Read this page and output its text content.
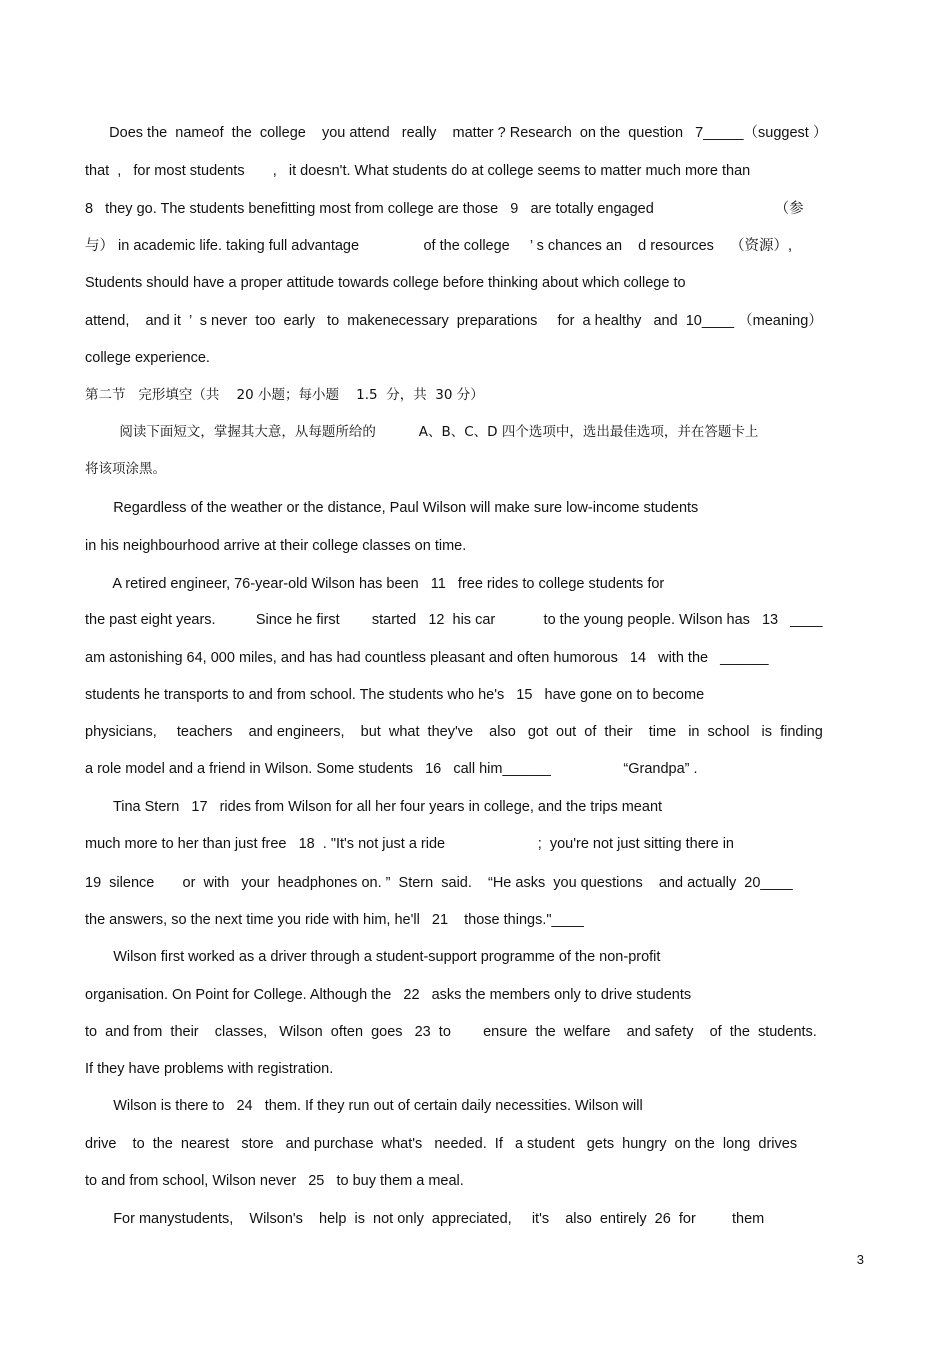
Does the  nameof  the  college    you attend   really    matter ? Research  on the  question   7_____（suggest ）
that  ,   for most students       ,   it doesn't. What students do at college seems to matter much more than
8   they go. The students benefitting most from college are those   9   are totally engaged                              （参
与） in academic life. taking full advantage                of the college     ’ s chances an    d resources    （资源）,
Students should have a proper attitude towards college before thinking about which college to
attend,    and it  ’  s never  too  early   to  makenecessary  preparations     for  a healthy   and  10____ （meaning）
college experience.
第二节   完形填空（共    20 小题；每小题    1.5  分，共  30 分）
阅读下面短文，掌握其大意，从每题所给的          A、B、C、D 四个选项中，选出最佳选项，并在答题卡上
将该项涂黑。
Regardless of the weather or the distance, Paul Wilson will make sure low-income students
in his neighbourhood arrive at their college classes on time.
A retired engineer, 76-year-old Wilson has been   11   free rides to college students for
the past eight years.          Since he first        started   12  his car            to the young people. Wilson has   13   ____
am astonishing 64, 000 miles, and has had countless pleasant and often humorous   14   with the   ______
students he transports to and from school. The students who he's   15   have gone on to become
physicians,     teachers    and engineers,    but  what  they've    also   got  out  of  their    time   in  school   is  finding
a role model and a friend in Wilson. Some students   16   call him______                  “Grandpa” .
Tina Stern   17   rides from Wilson for all her four years in college, and the trips meant
much more to her than just free   18  . "It's not just a ride                       ;  you're not just sitting there in
19  silence       or  with   your  headphones on. ”  Stern  said.    “He asks  you questions    and actually  20____
the answers, so the next time you ride with him, he'll   21    those things."____
Wilson first worked as a driver through a student-support programme of the non-profit
organisation. On Point for College. Although the   22   asks the members only to drive students
to  and from  their    classes,   Wilson  often  goes   23  to        ensure  the  welfare    and safety    of  the  students.
If they have problems with registration.
Wilson is there to   24   them. If they run out of certain daily necessities. Wilson will
drive    to  the  nearest   store   and purchase  what's   needed.  If   a student   gets  hungry  on the  long  drives
to and from school, Wilson never   25   to buy them a meal.
For manystudents,    Wilson's    help  is  not only  appreciated,     it's    also  entirely  26  for         them
3
